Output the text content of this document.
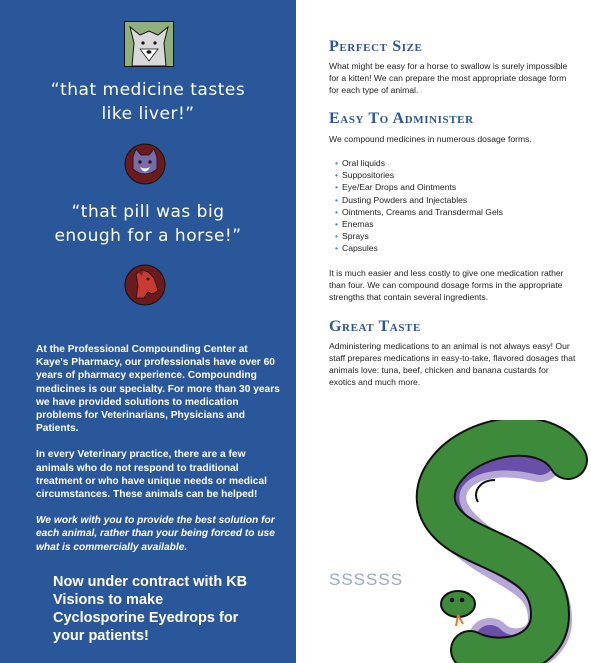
“that medicine tastes
like liver!”
“that pill was big
enough for a horse!”

At the Professional Compounding Center at Kaye's Pharmacy, our professionals have over 60 years of pharmacy experience. Compounding medicines is our specialty. For more than 30 years we have provided solutions to medication problems for Veterinarians, Physicians and Patients.

In every Veterinary practice, there are a few animals who do not respond to traditional treatment or who have unique needs or medical circumstances. These animals can be helped!

We work with you to provide the best solution for each animal, rather than your being forced to use what is commercially available.

Now under contract with KB Visions to make Cyclosporine Eyedrops for your patients!
Perfect Size

What might be easy for a horse to swallow is surely impossible for a kitten! We can prepare the most appropriate dosage form for each type of animal.

Easy To Administer

We compound medicines in numerous dosage forms.

• Oral liquids
• Suppositories
• Eye/Ear Drops and Ointments
• Dusting Powders and Injectables
• Ointments, Creams and Transdermal Gels
• Enemas
• Sprays
• Capsules

It is much easier and less costly to give one medication rather than four. We can compound dosage forms in the appropriate strengths that contain several ingredients.

Great Taste

Administering medications to an animal is not always easy! Our staff prepares medications in easy-to-take, flavored dosages that animals love: tuna, beef, chicken and banana custards for exotics and much more.

SSSSSS
